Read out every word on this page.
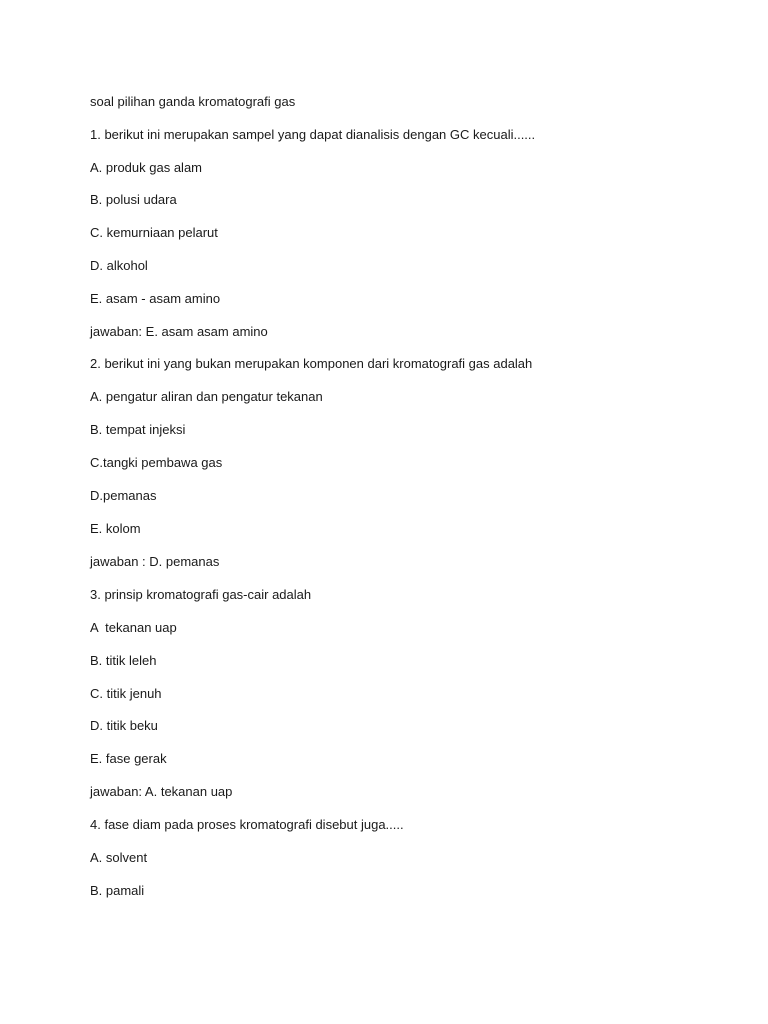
soal pilihan ganda kromatografi gas

1. berikut ini merupakan sampel yang dapat dianalisis dengan GC kecuali......

A. produk gas alam

B. polusi udara

C. kemurniaan pelarut

D. alkohol

E. asam - asam amino

jawaban: E. asam asam amino

2. berikut ini yang bukan merupakan komponen dari kromatografi gas adalah

A. pengatur aliran dan pengatur tekanan

B. tempat injeksi

C.tangki pembawa gas

D.pemanas

E. kolom

jawaban : D. pemanas

3. prinsip kromatografi gas-cair adalah

A  tekanan uap

B. titik leleh

C. titik jenuh

D. titik beku

E. fase gerak

jawaban: A. tekanan uap

4. fase diam pada proses kromatografi disebut juga.....

A. solvent

B. pamali
